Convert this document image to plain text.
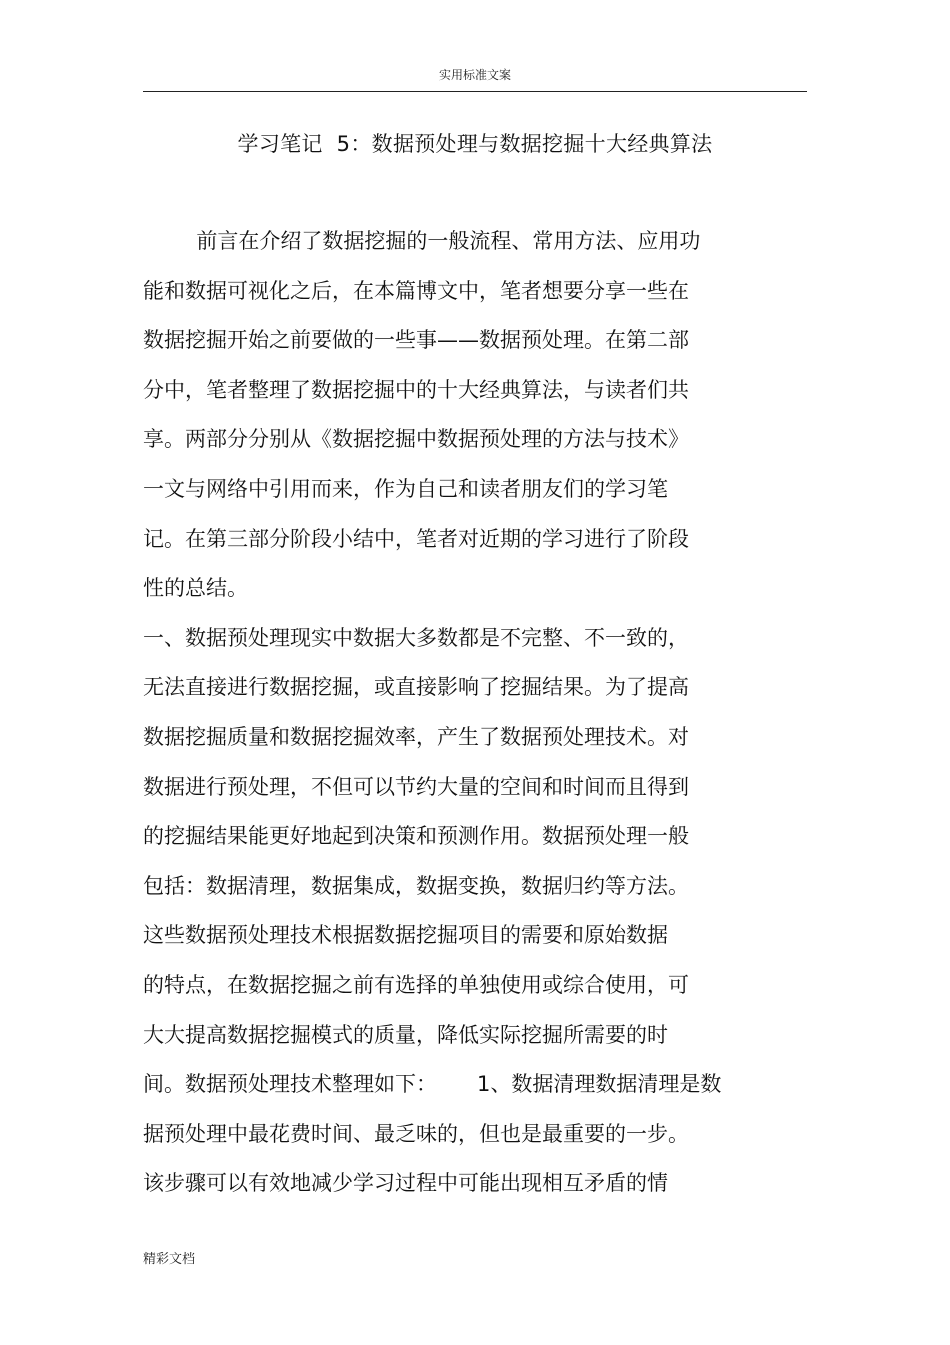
实用标准文案
学习笔记  5：数据预处理与数据挖掘十大经典算法
前言在介绍了数据挖掘的一般流程、常用方法、应用功
能和数据可视化之后，在本篇博文中，笔者想要分享一些在
数据挖掘开始之前要做的一些事——数据预处理。在第二部
分中，笔者整理了数据挖掘中的十大经典算法，与读者们共
享。两部分分别从《数据挖掘中数据预处理的方法与技术》
一文与网络中引用而来，作为自己和读者朋友们的学习笔
记。在第三部分阶段小结中，笔者对近期的学习进行了阶段
性的总结。
一、数据预处理现实中数据大多数都是不完整、不一致的，
无法直接进行数据挖掘，或直接影响了挖掘结果。为了提高
数据挖掘质量和数据挖掘效率，产生了数据预处理技术。对
数据进行预处理，不但可以节约大量的空间和时间而且得到
的挖掘结果能更好地起到决策和预测作用。数据预处理一般
包括：数据清理，数据集成，数据变换，数据归约等方法。
这些数据预处理技术根据数据挖掘项目的需要和原始数据
的特点，在数据挖掘之前有选择的单独使用或综合使用，可
大大提高数据挖掘模式的质量，降低实际挖掘所需要的时
间。数据预处理技术整理如下：      1、数据清理数据清理是数
据预处理中最花费时间、最乏味的，但也是最重要的一步。
该步骤可以有效地减少学习过程中可能出现相互矛盾的情
精彩文档
